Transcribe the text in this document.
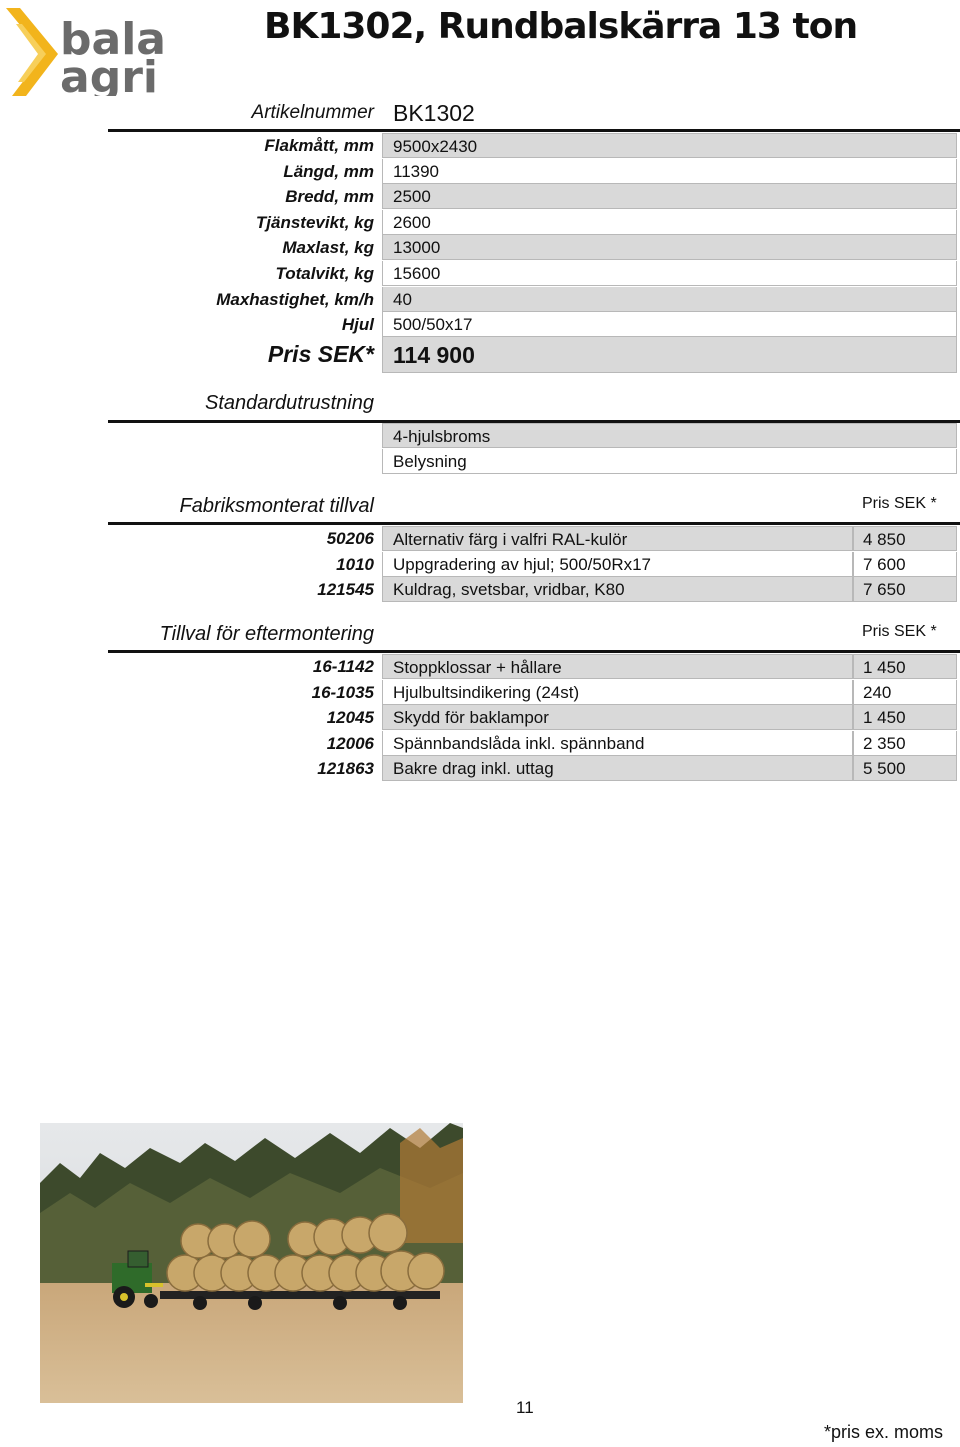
bala
agri
BK1302, Rundbalskärra 13 ton
Artikelnummer BK1302
Flakmått, mm	9500x2430
Längd, mm	11390
Bredd, mm	2500
Tjänstevikt, kg	2600
Maxlast, kg	13000
Totalvikt, kg	15600
Maxhastighet, km/h	40
Hjul	500/50x17
Pris SEK* 114 900
Standardutrustning
4-hjulsbroms
Belysning
Fabriksmonterat tillval	Pris SEK *
50206	Alternativ färg i valfri RAL-kulör	4 850
1010	Uppgradering av hjul; 500/50Rx17	7 600
121545	Kuldrag, svetsbar, vridbar, K80	7 650
Tillval för eftermontering	Pris SEK *
16-1142	Stoppklossar + hållare	1 450
16-1035	Hjulbultsindikering (24st)	240
12045	Skydd för baklampor	1 450
12006	Spännbandslåda inkl. spännband	2 350
121863	Bakre drag inkl. uttag	5 500
11
*pris ex. moms
